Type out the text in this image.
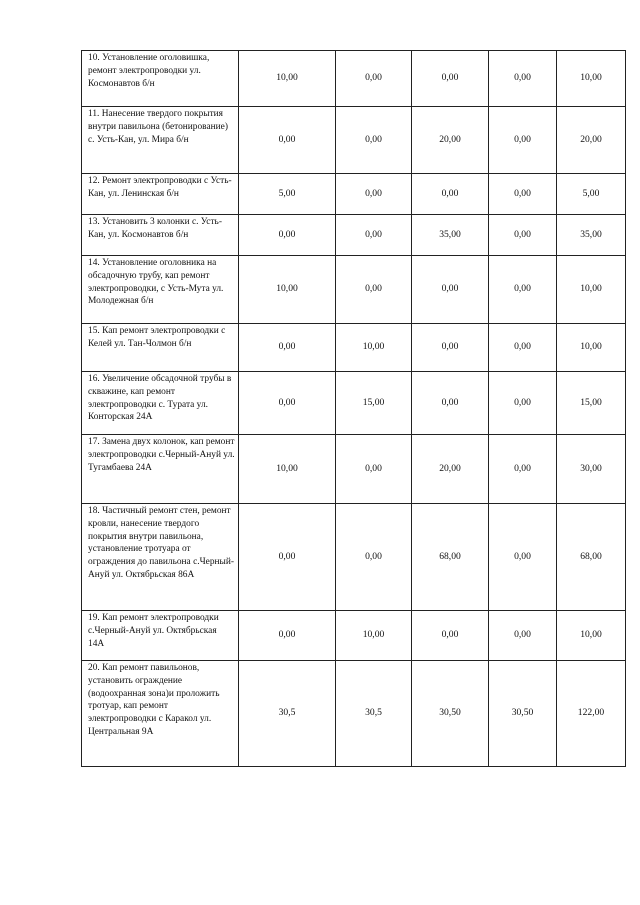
10. Установление оголовишка, ремонт электропроводки ул. Космонавтов б/н	10,00	0,00	0,00	0,00	10,00
11. Нанесение твердого покрытия внутри павильона (бетонирование) с. Усть-Кан, ул. Мира б/н	0,00	0,00	20,00	0,00	20,00
12. Ремонт электропроводки с Усть-Кан, ул. Ленинская б/н	5,00	0,00	0,00	0,00	5,00
13. Установить 3 колонки с. Усть-Кан, ул. Космонавтов б/н	0,00	0,00	35,00	0,00	35,00
14. Установление оголовника на обсадочную трубу, кап ремонт электропроводки, с Усть-Мута ул. Молодежная б/н	10,00	0,00	0,00	0,00	10,00
15. Кап ремонт электропроводки с Келей ул. Тан-Чолмон б/н	0,00	10,00	0,00	0,00	10,00
16. Увеличение обсадочной трубы в скважине, кап ремонт электропроводки с. Турата ул. Конторская 24А	0,00	15,00	0,00	0,00	15,00
17. Замена двух колонок, кап ремонт электропроводки с.Черный-Ануй ул. Тугамбаева 24А	10,00	0,00	20,00	0,00	30,00
18. Частичный ремонт стен, ремонт кровли, нанесение твердого покрытия внутри павильона, установление тротуара от ограждения до павильона с.Черный-Ануй ул. Октябрьская 86А	0,00	0,00	68,00	0,00	68,00
19. Кап ремонт электропроводки с.Черный-Ануй ул. Октябрьская 14А	0,00	10,00	0,00	0,00	10,00
20. Кап ремонт павильонов, установить ограждение (водоохранная зона)и проложить тротуар, кап ремонт электропроводки с Каракол ул. Центральная 9А	30,5	30,5	30,50	30,50	122,00
